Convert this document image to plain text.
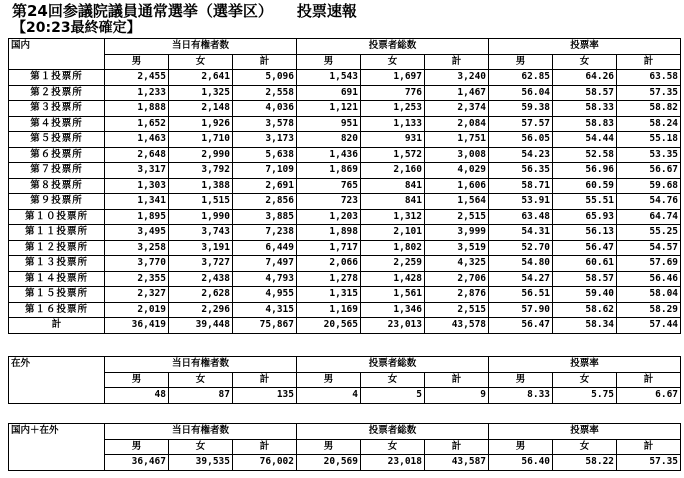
第24回参議院議員通常選挙（選挙区） 投票速報
【20:23最終確定】
国内	当日有権者数			投票者総数			投票率		
	男	女	計	男	女	計	男	女	計
第１投票所	2,455	2,641	5,096	1,543	1,697	3,240	62.85	64.26	63.58
第２投票所	1,233	1,325	2,558	691	776	1,467	56.04	58.57	57.35
第３投票所	1,888	2,148	4,036	1,121	1,253	2,374	59.38	58.33	58.82
第４投票所	1,652	1,926	3,578	951	1,133	2,084	57.57	58.83	58.24
第５投票所	1,463	1,710	3,173	820	931	1,751	56.05	54.44	55.18
第６投票所	2,648	2,990	5,638	1,436	1,572	3,008	54.23	52.58	53.35
第７投票所	3,317	3,792	7,109	1,869	2,160	4,029	56.35	56.96	56.67
第８投票所	1,303	1,388	2,691	765	841	1,606	58.71	60.59	59.68
第９投票所	1,341	1,515	2,856	723	841	1,564	53.91	55.51	54.76
第１０投票所	1,895	1,990	3,885	1,203	1,312	2,515	63.48	65.93	64.74
第１１投票所	3,495	3,743	7,238	1,898	2,101	3,999	54.31	56.13	55.25
第１２投票所	3,258	3,191	6,449	1,717	1,802	3,519	52.70	56.47	54.57
第１３投票所	3,770	3,727	7,497	2,066	2,259	4,325	54.80	60.61	57.69
第１４投票所	2,355	2,438	4,793	1,278	1,428	2,706	54.27	58.57	56.46
第１５投票所	2,327	2,628	4,955	1,315	1,561	2,876	56.51	59.40	58.04
第１６投票所	2,019	2,296	4,315	1,169	1,346	2,515	57.90	58.62	58.29
計	36,419	39,448	75,867	20,565	23,013	43,578	56.47	58.34	57.44
在外	当日有権者数			投票者総数			投票率		
	男	女	計	男	女	計	男	女	計
	48	87	135	4	5	9	8.33	5.75	6.67
国内＋在外	当日有権者数			投票者総数			投票率		
	男	女	計	男	女	計	男	女	計
	36,467	39,535	76,002	20,569	23,018	43,587	56.40	58.22	57.35
